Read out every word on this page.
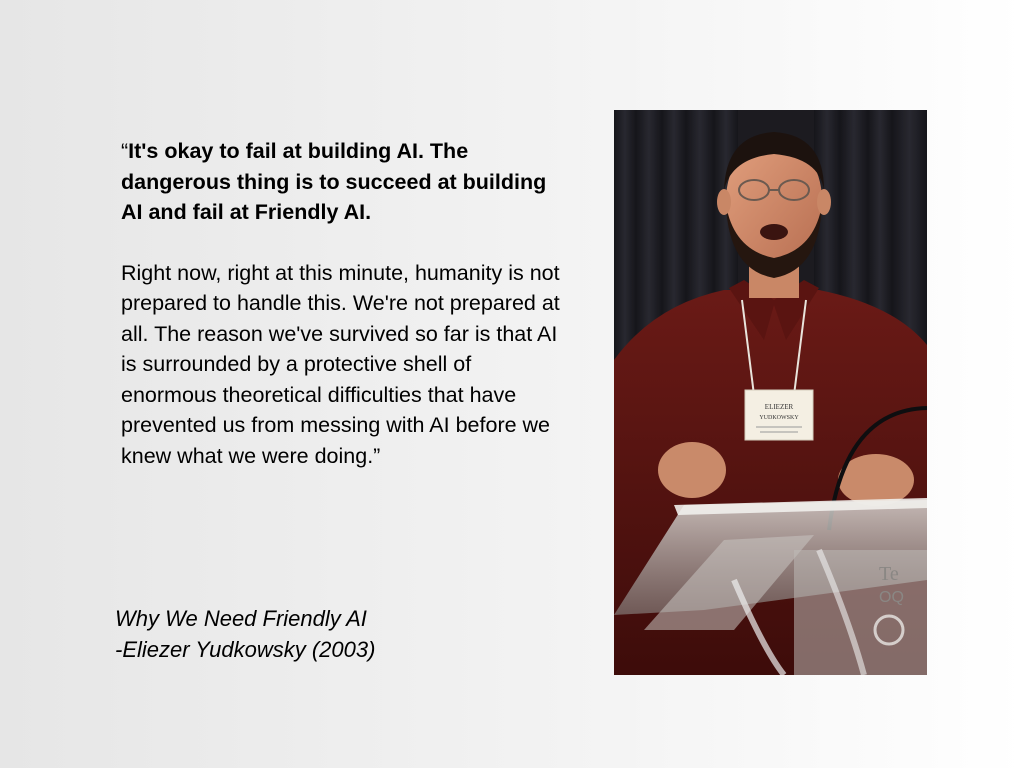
“It's okay to fail at building AI. The dangerous thing is to succeed at building AI and fail at Friendly AI.

Right now, right at this minute, humanity is not prepared to handle this. We're not prepared at all. The reason we've survived so far is that AI is surrounded by a protective shell of enormous theoretical difficulties that have prevented us from messing with AI before we knew what we were doing.”

Why We Need Friendly AI
-Eliezer Yudkowsky (2003)
ELIEZER
YUDKOWSKY
Te
OQ
